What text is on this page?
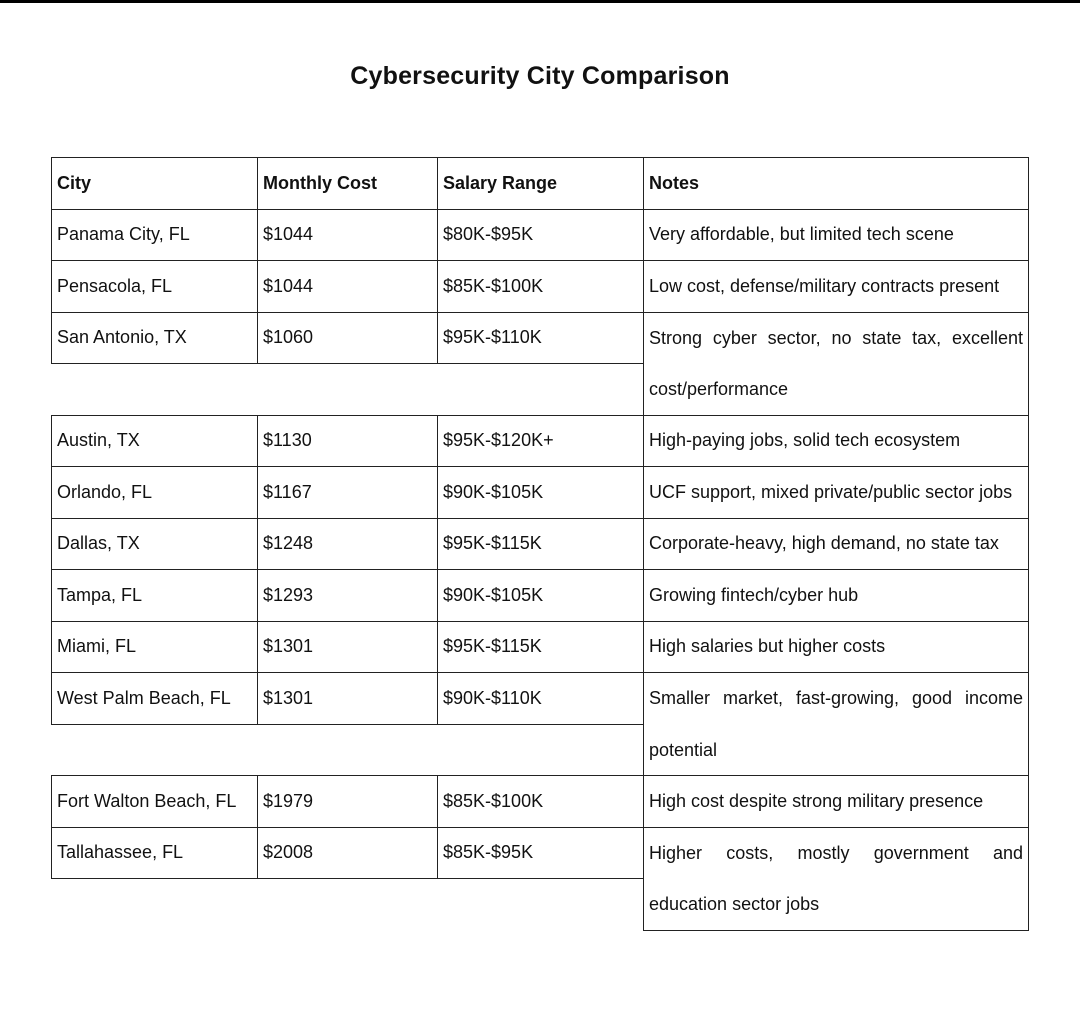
Cybersecurity City Comparison
City	Monthly Cost	Salary Range	Notes
Panama City, FL	$1044	$80K-$95K	Very affordable, but limited tech scene
Pensacola, FL	$1044	$85K-$100K	Low cost, defense/military contracts present
San Antonio, TX	$1060	$95K-$110K	Strong cyber sector, no state tax, excellent cost/performance
Austin, TX	$1130	$95K-$120K+	High-paying jobs, solid tech ecosystem
Orlando, FL	$1167	$90K-$105K	UCF support, mixed private/public sector jobs
Dallas, TX	$1248	$95K-$115K	Corporate-heavy, high demand, no state tax
Tampa, FL	$1293	$90K-$105K	Growing fintech/cyber hub
Miami, FL	$1301	$95K-$115K	High salaries but higher costs
West Palm Beach, FL $1301	$90K-$110K	Smaller market, fast-growing, good income potential
Fort Walton Beach, FL $1979	$85K-$100K	High cost despite strong military presence
Tallahassee, FL	$2008	$85K-$95K	Higher costs, mostly government and education sector jobs
